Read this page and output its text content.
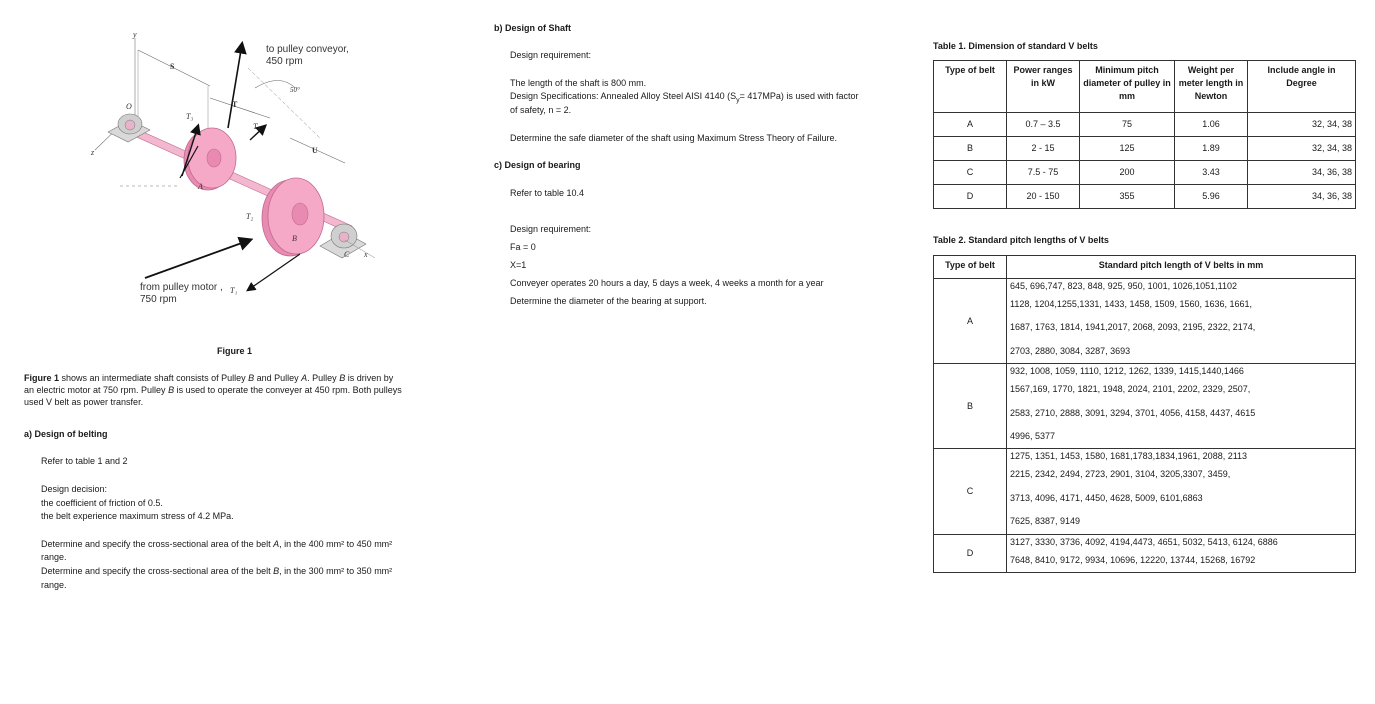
to pulley conveyor,
450 rpm
from pulley motor ,
750 rpm
y
S
T
T₃
T₄
U
O
z
A
T₂
B
C x
T₁
50°
Figure 1
Figure 1 shows an intermediate shaft consists of Pulley B and Pulley A. Pulley B is driven by
an electric motor at 750 rpm. Pulley B is used to operate the conveyer at 450 rpm. Both pulleys
used V belt as power transfer.
a) Design of belting
Refer to table 1 and 2
Design decision:
the coefficient of friction of 0.5.
the belt experience maximum stress of 4.2 MPa.
Determine and specify the cross-sectional area of the belt A, in the 400 mm² to 450 mm²
range.
Determine and specify the cross-sectional area of the belt B, in the 300 mm² to 350 mm²
range.
b) Design of Shaft
Design requirement:
The length of the shaft is 800 mm.
Design Specifications: Annealed Alloy Steel AISI 4140 $(S_y= 417MPa)$ is used with factor
of safety, n = 2.
Determine the safe diameter of the shaft using Maximum Stress Theory of Failure.
c) Design of bearing
Refer to table 10.4
Design requirement:
Fa = 0
X=1
Conveyer operates 20 hours a day, 5 days a week, 4 weeks a month for a year
Determine the diameter of the bearing at support.
Table 1. Dimension of standard V belts
Type of belt	Power ranges in kW	Minimum pitch diameter of pulley in mm	Weight per meter length in Newton	Include angle in Degree
A	0.7 – 3.5	75	1.06	32, 34, 38
B	2 - 15	125	1.89	32, 34, 38
C	7.5 - 75	200	3.43	34, 36, 38
D	20 - 150	355	5.96	34, 36, 38
Table 2. Standard pitch lengths of V belts
Type of belt	Standard pitch length of V belts in mm
A	645, 696,747, 823, 848, 925, 950, 1001, 1026,1051,1102
1128, 1204,1255,1331, 1433, 1458, 1509, 1560, 1636, 1661,
1687, 1763, 1814, 1941,2017, 2068, 2093, 2195, 2322, 2174,
2703, 2880, 3084, 3287, 3693

B	932, 1008, 1059, 1110, 1212, 1262, 1339, 1415,1440,1466
1567,169, 1770, 1821, 1948, 2024, 2101, 2202, 2329, 2507,
2583, 2710, 2888, 3091, 3294, 3701, 4056, 4158, 4437, 4615
4996, 5377

C	1275, 1351, 1453, 1580, 1681,1783,1834,1961, 2088, 2113
2215, 2342, 2494, 2723, 2901, 3104, 3205,3307, 3459,
3713, 4096, 4171, 4450, 4628, 5009, 6101,6863
7625, 8387, 9149

D	3127, 3330, 3736, 4092, 4194,4473, 4651, 5032, 5413, 6124, 6886
7648, 8410, 9172, 9934, 10696, 12220, 13744, 15268, 16792
